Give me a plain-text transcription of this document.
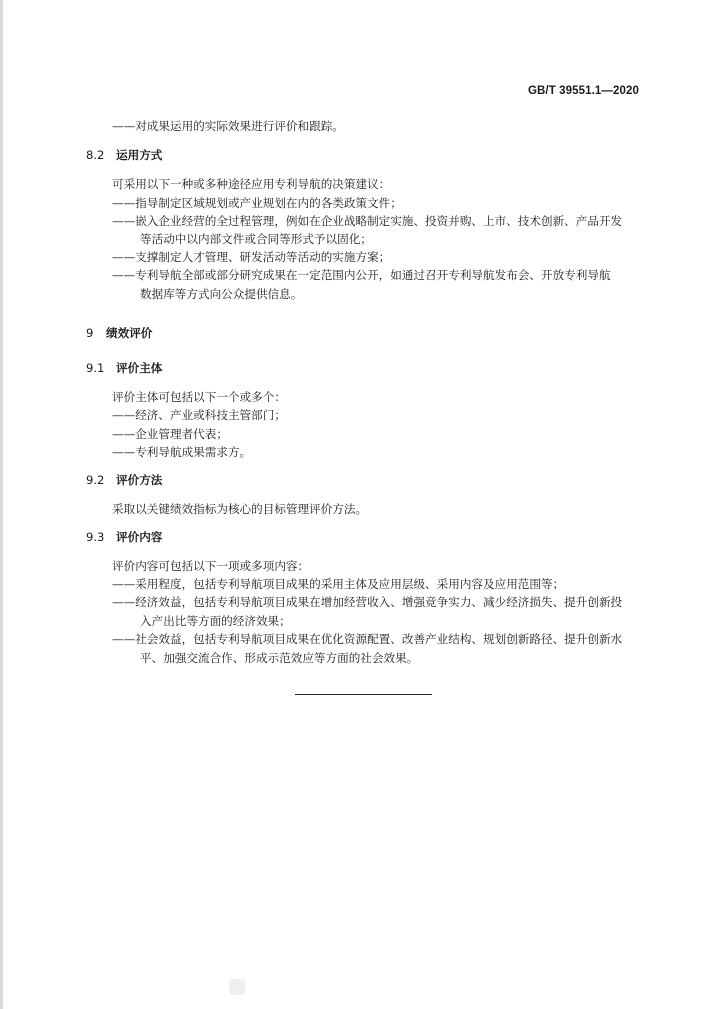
GB/T 39551.1—2020
——对成果运用的实际效果进行评价和跟踪。
8.2 运用方式
可采用以下一种或多种途径应用专利导航的决策建议：
——指导制定区域规划或产业规划在内的各类政策文件；
——嵌入企业经营的全过程管理，例如在企业战略制定实施、投资并购、上市、技术创新、产品开发
等活动中以内部文件或合同等形式予以固化；
——支撑制定人才管理、研发活动等活动的实施方案；
——专利导航全部或部分研究成果在一定范围内公开，如通过召开专利导航发布会、开放专利导航
数据库等方式向公众提供信息。
9 绩效评价
9.1 评价主体
评价主体可包括以下一个或多个：
——经济、产业或科技主管部门；
——企业管理者代表；
——专利导航成果需求方。
9.2 评价方法
采取以关键绩效指标为核心的目标管理评价方法。
9.3 评价内容
评价内容可包括以下一项或多项内容：
——采用程度，包括专利导航项目成果的采用主体及应用层级、采用内容及应用范围等；
——经济效益，包括专利导航项目成果在增加经营收入、增强竞争实力、减少经济损失、提升创新投
入产出比等方面的经济效果；
——社会效益，包括专利导航项目成果在优化资源配置、改善产业结构、规划创新路径、提升创新水
平、加强交流合作、形成示范效应等方面的社会效果。
